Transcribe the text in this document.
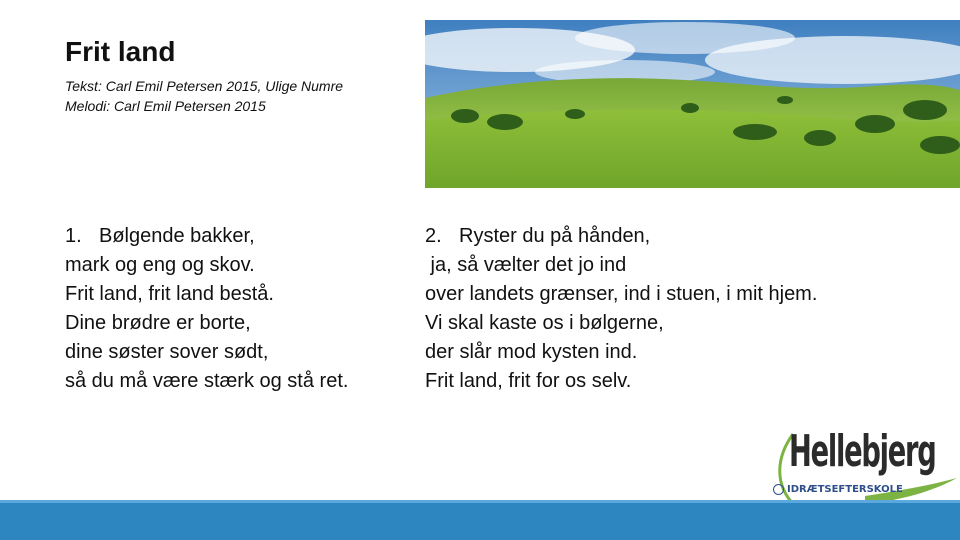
Frit land
Tekst: Carl Emil Petersen 2015, Ulige Numre
Melodi: Carl Emil Petersen 2015
1. Bølgende bakker,
mark og eng og skov.
Frit land, frit land bestå.
Dine brødre er borte,
dine søster sover sødt,
så du må være stærk og stå ret.
2. Ryster du på hånden,
ja, så vælter det jo ind
over landets grænser, ind i stuen, i mit hjem.
Vi skal kaste os i bølgerne,
der slår mod kysten ind.
Frit land, frit for os selv.
Hellebjerg
IDRÆTSEFTERSKOLE
